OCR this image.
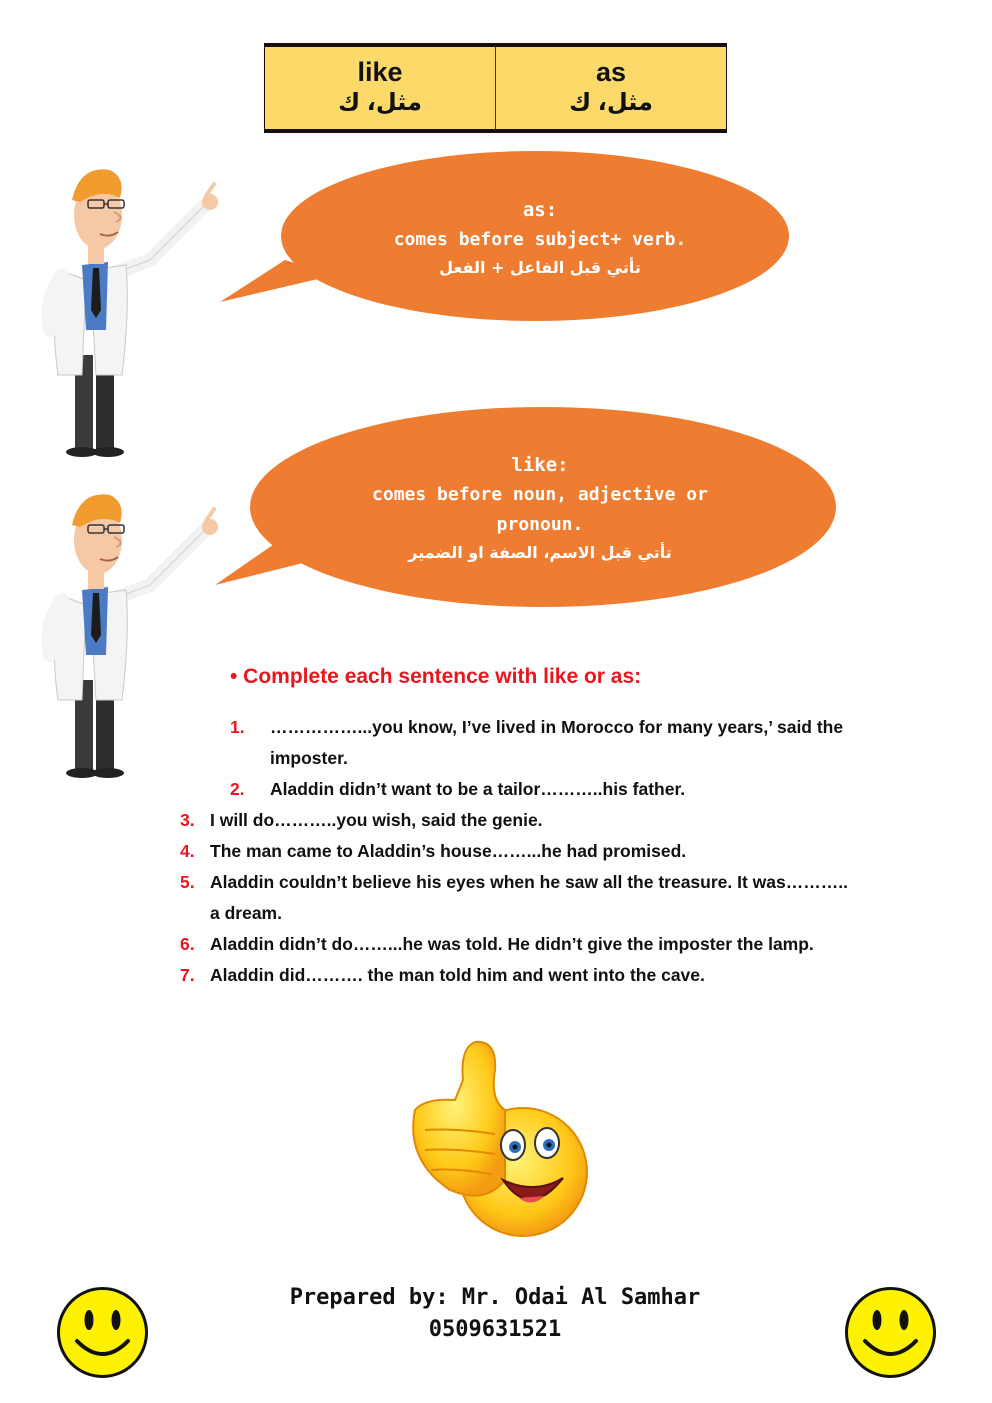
like
مثل، ك
as
مثل، ك
as:
comes before subject+ verb.
تأتي قبل الفاعل + الفعل
like:
comes before noun, adjective or
pronoun.
تأتي قبل الاسم، الصفة او الضمير
• Complete each sentence with like or as:
1.	……………...you know, I’ve lived in Morocco for many years,’ said the imposter.
2.	Aladdin didn’t want to be a tailor………..his father.
3. I will do………..you wish, said the genie.
4. The man came to Aladdin’s house……...he had promised.
5. Aladdin couldn’t believe his eyes when he saw all the treasure. It was……….. a dream.
6. Aladdin didn’t do……...he was told. He didn’t give the imposter the lamp.
7. Aladdin did………. the man told him and went into the cave.
Prepared by: Mr. Odai Al Samhar
0509631521
